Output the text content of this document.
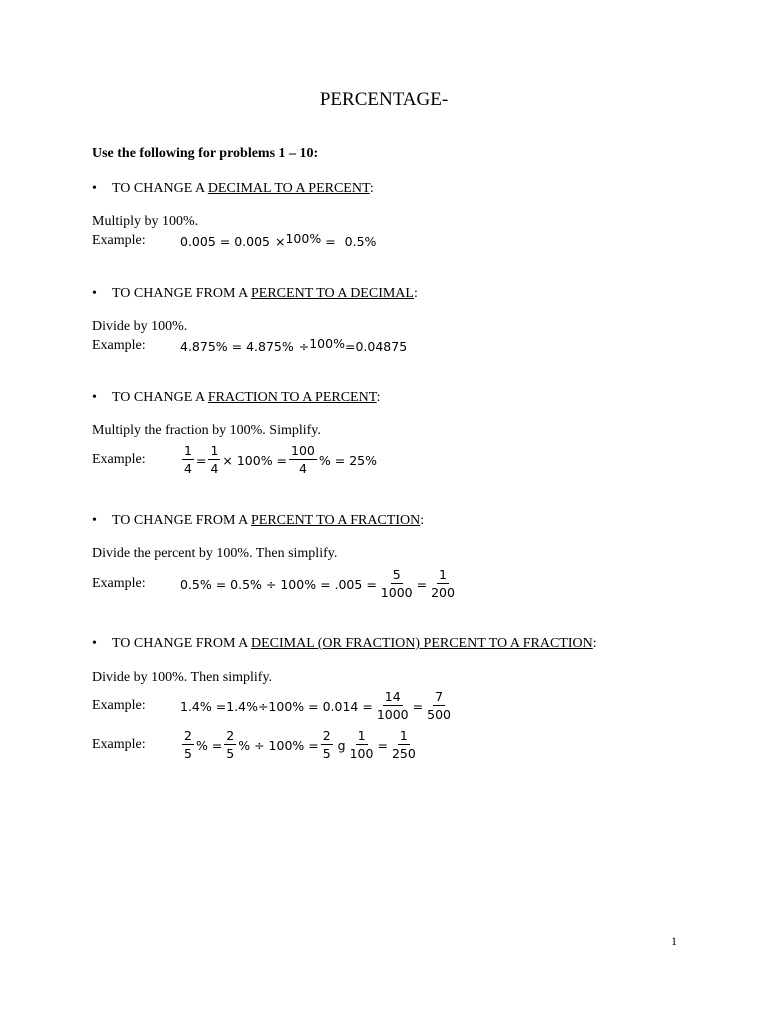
PERCENTAGE-
Use the following for problems 1 – 10:
• TO CHANGE A DECIMAL TO A PERCENT:
Multiply by 100%.
Example:	0.005 = 0.005 × 100% = 0.5%
• TO CHANGE FROM A PERCENT TO A DECIMAL:
Divide by 100%.
Example:	4.875% = 4.875% ÷ 100% = 0.04875
• TO CHANGE A FRACTION TO A PERCENT:
Multiply the fraction by 100%. Simplify.
Example:	$\frac{1}{4} = \frac{1}{4} \times 100\% = \frac{100}{4}$ % = 25%
• TO CHANGE FROM A PERCENT TO A FRACTION:
Divide the percent by 100%. Then simplify.
Example:	$0.5\% = 0.5\% \div 100\% = .005 = \frac{5}{1000} = \frac{1}{200}$
• TO CHANGE FROM A DECIMAL (OR FRACTION) PERCENT TO A FRACTION:
Divide by 100%. Then simplify.
Example:	$1.4\% =1.4\%\div 100\% = 0.014 = \frac{14}{1000} = \frac{7}{500}$
Example:	$\frac{2}{5}$ % = $\frac{2}{5}$ % ÷ $100\% = \frac{2}{5}$ g $\frac{1}{100} = \frac{1}{250}$
1
